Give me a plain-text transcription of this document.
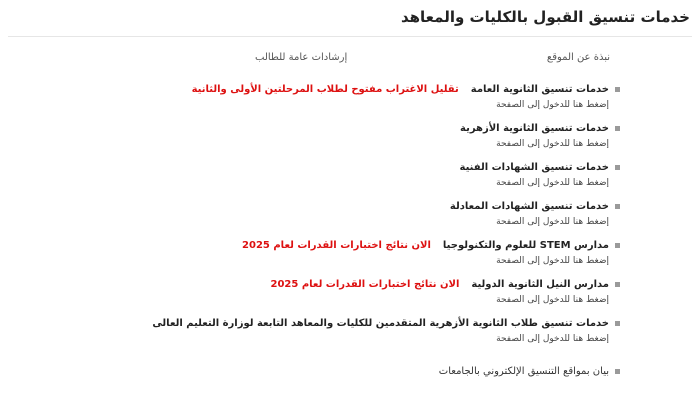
خدمات تنسيق القبول بالكليات والمعاهد
نبذة عن الموقع
إرشادات عامة للطالب
خدمات تنسيق الثانوية العامة
تقليل الاغتراب مفتوح لطلاب المرحلتين الأولى والثانية
إضغط هنا للدخول إلى الصفحة
خدمات تنسيق الثانوية الأزهرية
إضغط هنا للدخول إلى الصفحة
خدمات تنسيق الشهادات الفنية
إضغط هنا للدخول إلى الصفحة
خدمات تنسيق الشهادات المعادلة
إضغط هنا للدخول إلى الصفحة
مدارس STEM للعلوم والتكنولوجيا
الان نتائج اختبارات القدرات لعام 2025
إضغط هنا للدخول إلى الصفحة
مدارس النيل الثانوية الدولية
الان نتائج اختبارات القدرات لعام 2025
إضغط هنا للدخول إلى الصفحة
خدمات تنسيق طلاب الثانوية الأزهرية المتقدمين للكليات والمعاهد التابعة لوزارة التعليم العالى
إضغط هنا للدخول إلى الصفحة
بيان بمواقع التنسيق الإلكتروني بالجامعات
